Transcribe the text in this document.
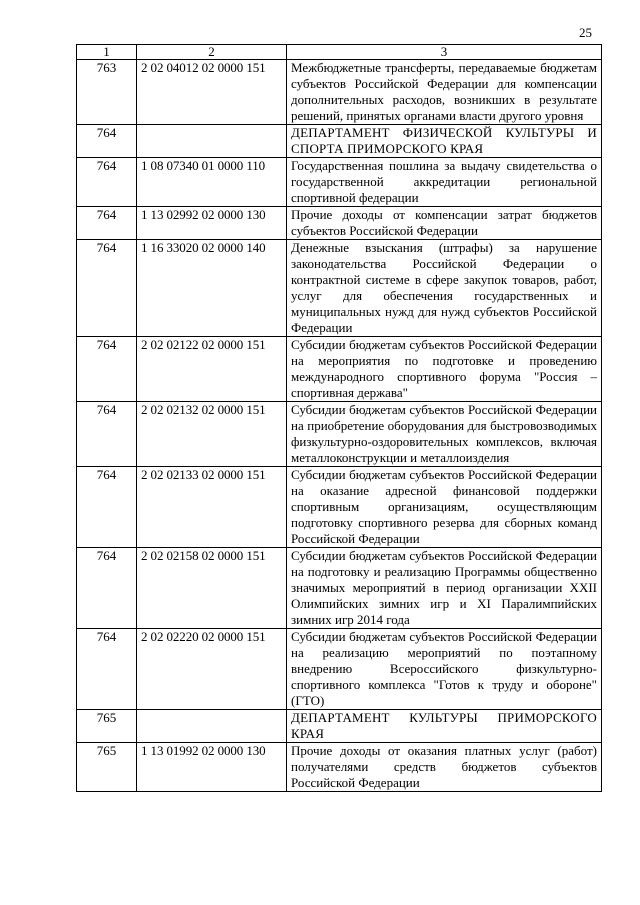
25
1	2	3
763	2 02 04012 02 0000 151	Межбюджетные трансферты, передаваемые бюджетам субъектов Российской Федерации для компенсации дополнительных расходов, возникших в результате решений, принятых органами власти другого уровня
764		ДЕПАРТАМЕНТ ФИЗИЧЕСКОЙ КУЛЬТУРЫ И СПОРТА ПРИМОРСКОГО КРАЯ
764	1 08 07340 01 0000 110	Государственная пошлина за выдачу свидетельства о государственной аккредитации региональной спортивной федерации
764	1 13 02992 02 0000 130	Прочие доходы от компенсации затрат бюджетов субъектов Российской Федерации
764	1 16 33020 02 0000 140	Денежные взыскания (штрафы) за нарушение законодательства Российской Федерации о контрактной системе в сфере закупок товаров, работ, услуг для обеспечения государственных и муниципальных нужд для нужд субъектов Российской Федерации
764	2 02 02122 02 0000 151	Субсидии бюджетам субъектов Российской Федерации на мероприятия по подготовке и проведению международного спортивного форума "Россия – спортивная держава"
764	2 02 02132 02 0000 151	Субсидии бюджетам субъектов Российской Федерации на приобретение оборудования для быстровозводимых физкультурно-оздоровительных комплексов, включая металлоконструкции и металлоизделия
764	2 02 02133 02 0000 151	Субсидии бюджетам субъектов Российской Федерации на оказание адресной финансовой поддержки спортивным организациям, осуществляющим подготовку спортивного резерва для сборных команд Российской Федерации
764	2 02 02158 02 0000 151	Субсидии бюджетам субъектов Российской Федерации на подготовку и реализацию Программы общественно значимых мероприятий в период организации XXII Олимпийских зимних игр и XI Паралимпийских зимних игр 2014 года
764	2 02 02220 02 0000 151	Субсидии бюджетам субъектов Российской Федерации на реализацию мероприятий по поэтапному внедрению Всероссийского физкультурно-спортивного комплекса "Готов к труду и обороне" (ГТО)
765		ДЕПАРТАМЕНТ КУЛЬТУРЫ ПРИМОРСКОГО КРАЯ
765	1 13 01992 02 0000 130	Прочие доходы от оказания платных услуг (работ) получателями средств бюджетов субъектов Российской Федерации
